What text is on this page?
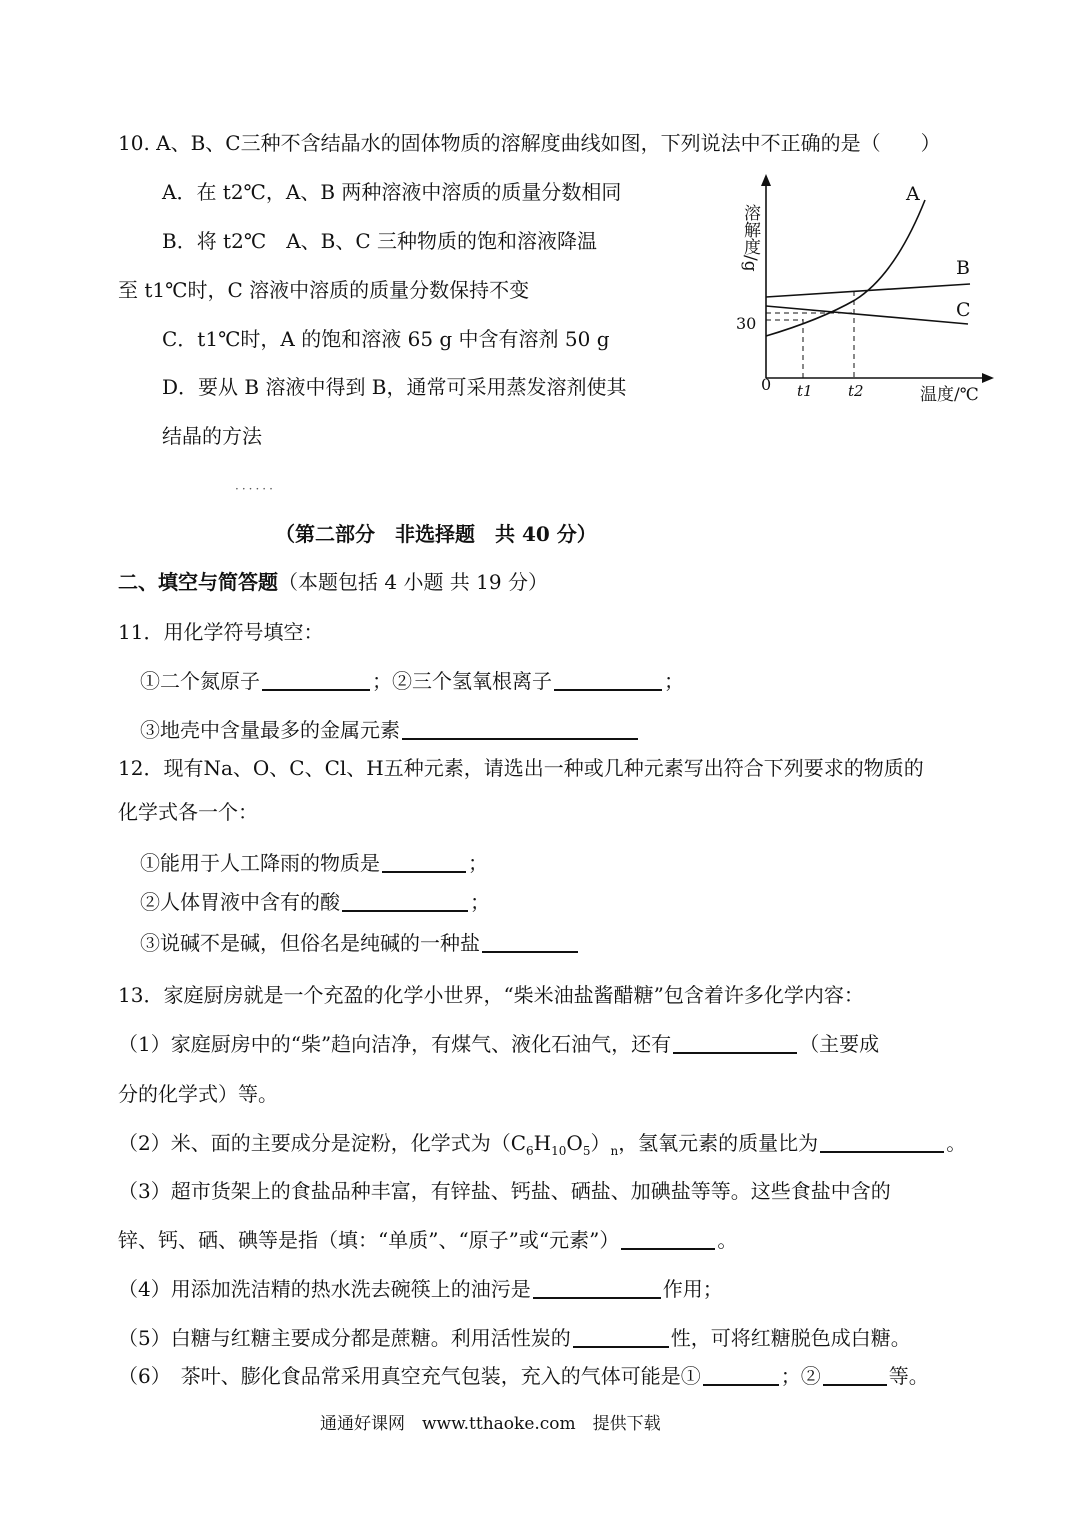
10. A、B、C三种不含结晶水的固体物质的溶解度曲线如图，下列说法中不正确的是（　　）
A．在 t2℃，A、B 两种溶液中溶质的质量分数相同
B．将 t2℃　A、B、C 三种物质的饱和溶液降温
至 t1℃时，C 溶液中溶质的质量分数保持不变
C．t1℃时，A 的饱和溶液 65 g 中含有溶剂 50 g
D．要从 B 溶液中得到 B，通常可采用蒸发溶剂使其
结晶的方法
溶解度/g
A
B
C
30
0 t1 t2	温度/℃
······
（第二部分　非选择题　共 40 分）
二、填空与简答题（本题包括 4 小题 共 19 分）
11．用化学符号填空：
①二个氮原子	；②三个氢氧根离子	；
③地壳中含量最多的金属元素
12．现有Na、O、C、Cl、H五种元素，请选出一种或几种元素写出符合下列要求的物质的
化学式各一个：
①能用于人工降雨的物质是	；
②人体胃液中含有的酸	；
③说碱不是碱，但俗名是纯碱的一种盐
13．家庭厨房就是一个充盈的化学小世界，“柴米油盐酱醋糖”包含着许多化学内容：
（1）家庭厨房中的“柴”趋向洁净，有煤气、液化石油气，还有	（主要成
分的化学式）等。
（2）米、面的主要成分是淀粉，化学式为$(C_6H_{10}O_5)_n$，氢氧元素的质量比为	。
（3）超市货架上的食盐品种丰富，有锌盐、钙盐、硒盐、加碘盐等等。这些食盐中含的
锌、钙、硒、碘等是指（填：“单质”、“原子”或“元素”）	。
（4）用添加洗洁精的热水洗去碗筷上的油污是	作用；
（5）白糖与红糖主要成分都是蔗糖。利用活性炭的	性，可将红糖脱色成白糖。
（6）　茶叶、膨化食品常采用真空充气包装，充入的气体可能是①	；②	等。
通通好课网　www.tthaoke.com　提供下载
